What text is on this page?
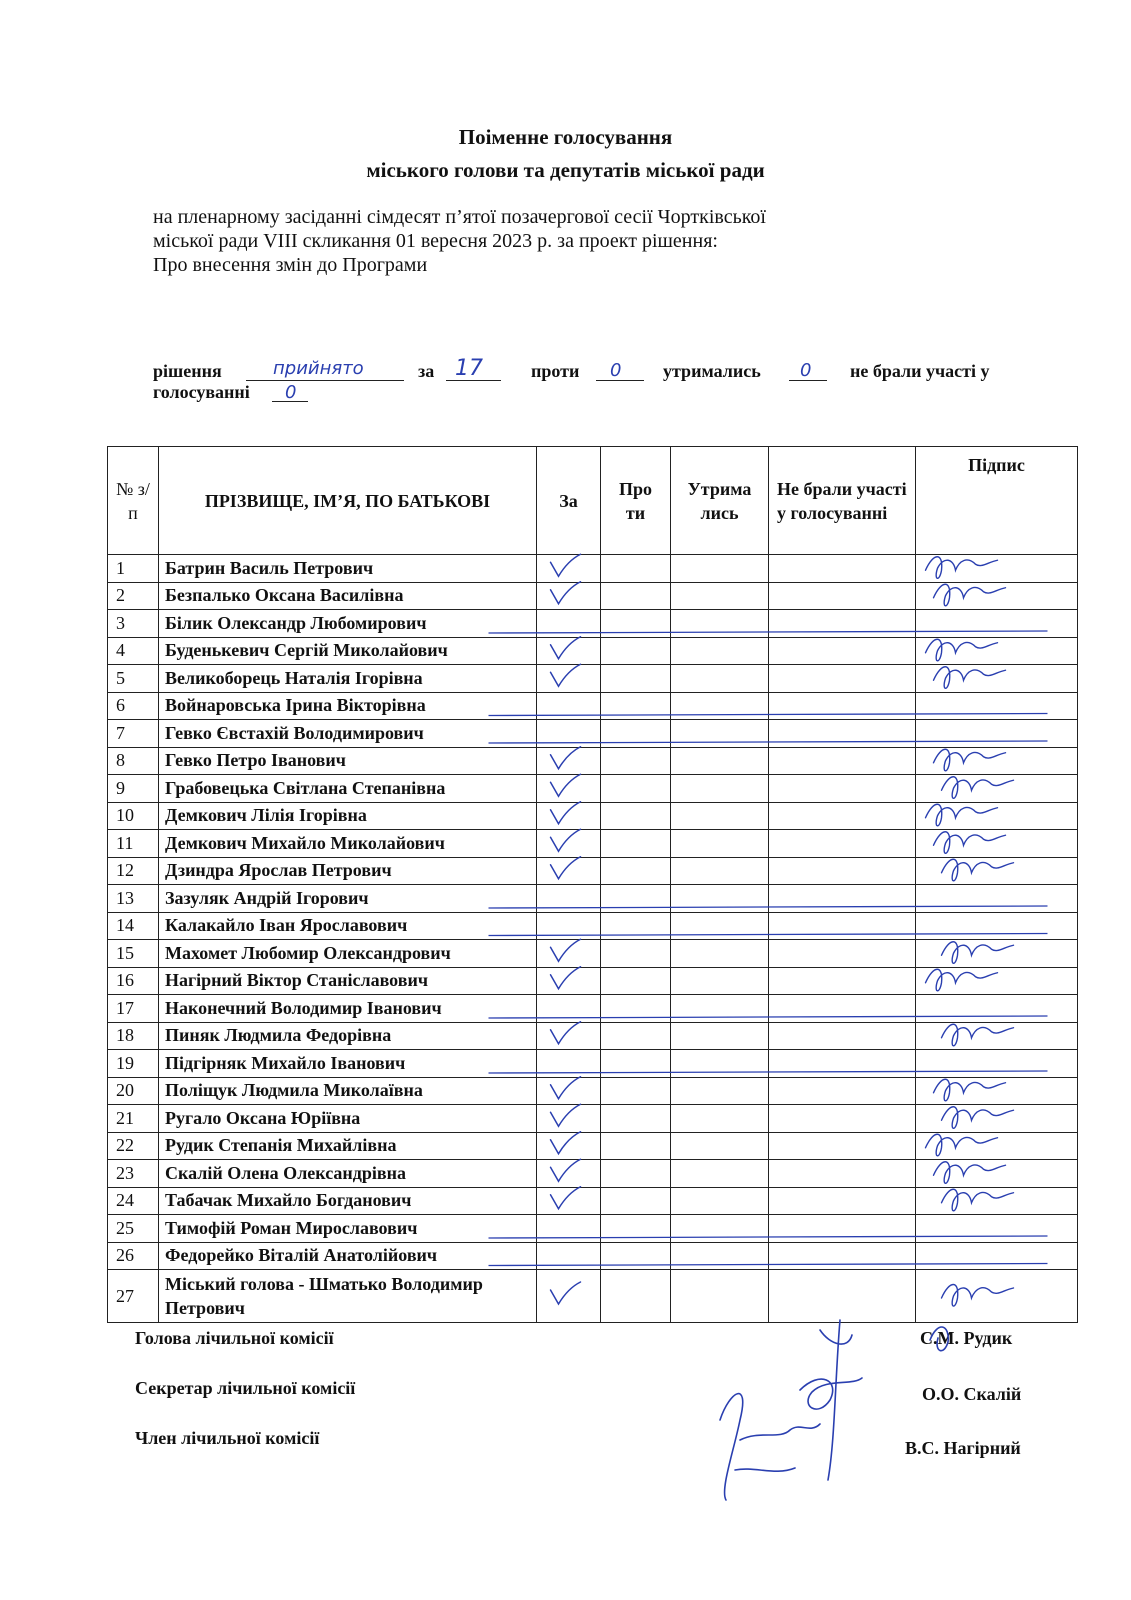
Поіменне голосування
міського голови та депутатів міської ради
на пленарному засіданні сімдесят п’ятої позачергової сесії Чортківської
міської ради VIII скликання 01 вересня 2023 р. за проект рішення:
Про внесення змін до Програми
рішення	за	проти	утримались	не брали участі у
голосуванні
прийнято	17	0	0
0
№ з/п	ПРІЗВИЩЕ, ІМ’Я, ПО БАТЬКОВІ	За	Про ти	Утрима лись	Не брали участі у голосуванні	Підпис
1	Батрин Василь Петрович					
2	Безпалько Оксана Василівна					
3	Білик Олександр Любомирович					
4	Буденькевич Сергій Миколайович					
5	Великоборець Наталія Ігорівна					
6	Войнаровська Ірина Вікторівна					
7	Гевко Євстахій Володимирович					
8	Гевко Петро Іванович					
9	Грабовецька Світлана Степанівна					
10	Демкович Лілія Ігорівна					
11	Демкович Михайло Миколайович					
12	Дзиндра Ярослав Петрович					
13	Зазуляк Андрій Ігорович					
14	Калакайло Іван Ярославович					
15	Махомет Любомир Олександрович					
16	Нагірний Віктор Станіславович					
17	Наконечний Володимир Іванович					
18	Пиняк Людмила Федорівна					
19	Підгірняк Михайло Іванович					
20	Поліщук Людмила Миколаївна					
21	Ругало Оксана Юріївна					
22	Рудик Степанія Михайлівна					
23	Скалій Олена Олександрівна					
24	Табачак Михайло Богданович					
25	Тимофій Роман Мирославович					
26	Федорейко Віталій Анатолійович					
27	Міський голова - Шматько Володимир Петрович					
Голова лічильної комісії	С.М. Рудик
Секретар лічильної комісії	О.О. Скалій
Член лічильної комісії	В.С. Нагірний
